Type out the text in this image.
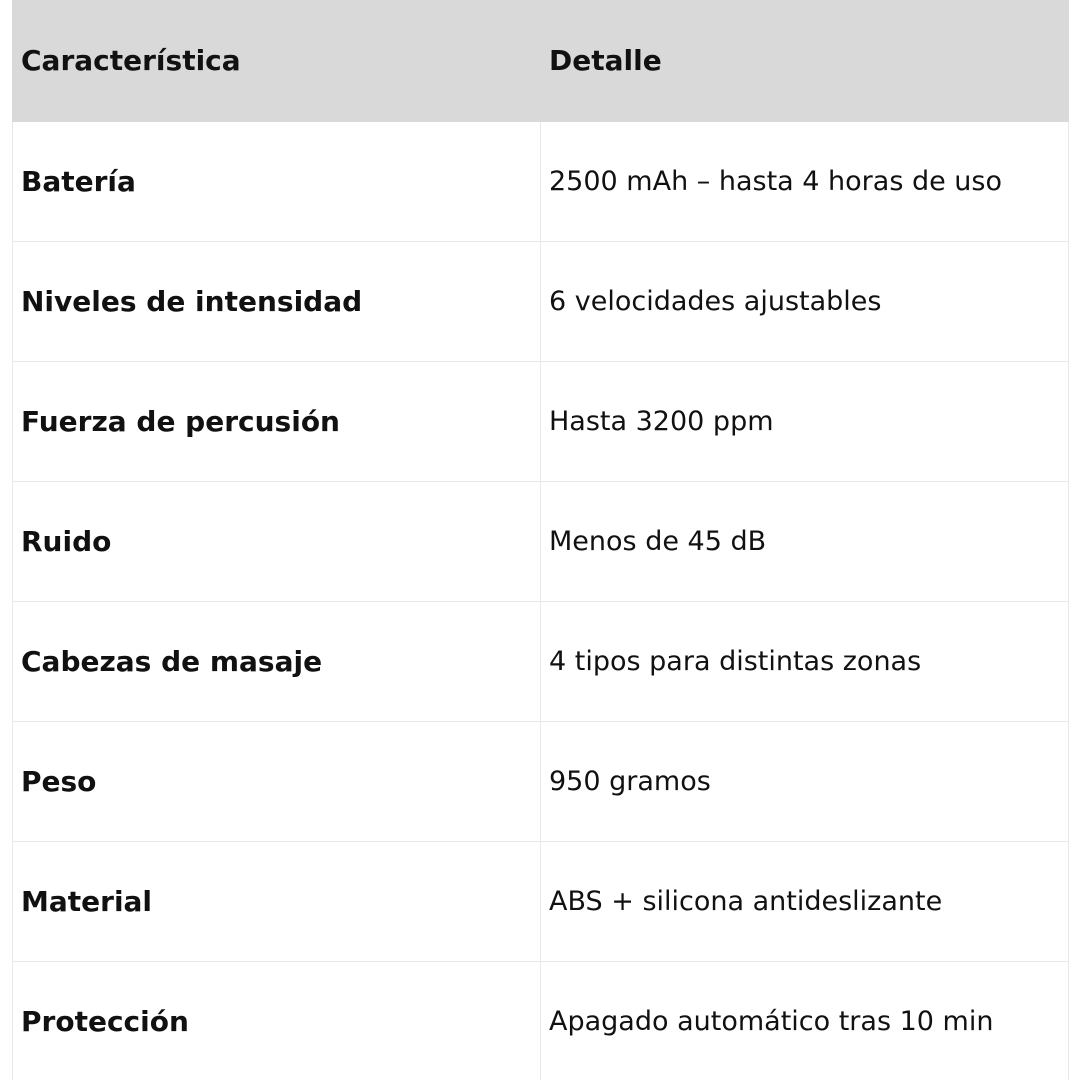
Característica	Detalle
Batería	2500 mAh – hasta 4 horas de uso
Niveles de intensidad	6 velocidades ajustables
Fuerza de percusión	Hasta 3200 ppm
Ruido	Menos de 45 dB
Cabezas de masaje	4 tipos para distintas zonas
Peso	950 gramos
Material	ABS + silicona antideslizante
Protección	Apagado automático tras 10 min
